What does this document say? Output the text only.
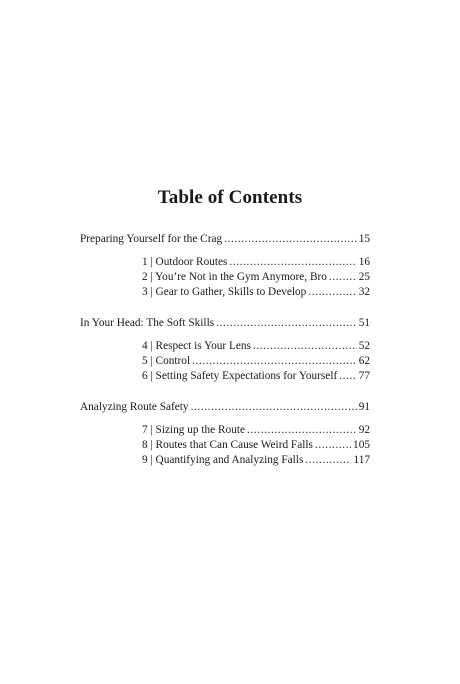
Table of Contents
Preparing Yourself for the Crag .....	15
1 | Outdoor Routes .....	16
2 | You’re Not in the Gym Anymore, Bro .....	25
3 | Gear to Gather, Skills to Develop .....	32
In Your Head: The Soft Skills .....	51
4 | Respect is Your Lens .....	52
5 | Control .....	62
6 | Setting Safety Expectations for Yourself ..... 77
Analyzing Route Safety .....	91
7 | Sizing up the Route .....	92
8 | Routes that Can Cause Weird Falls .....	105
9 | Quantifying and Analyzing Falls .....	117
